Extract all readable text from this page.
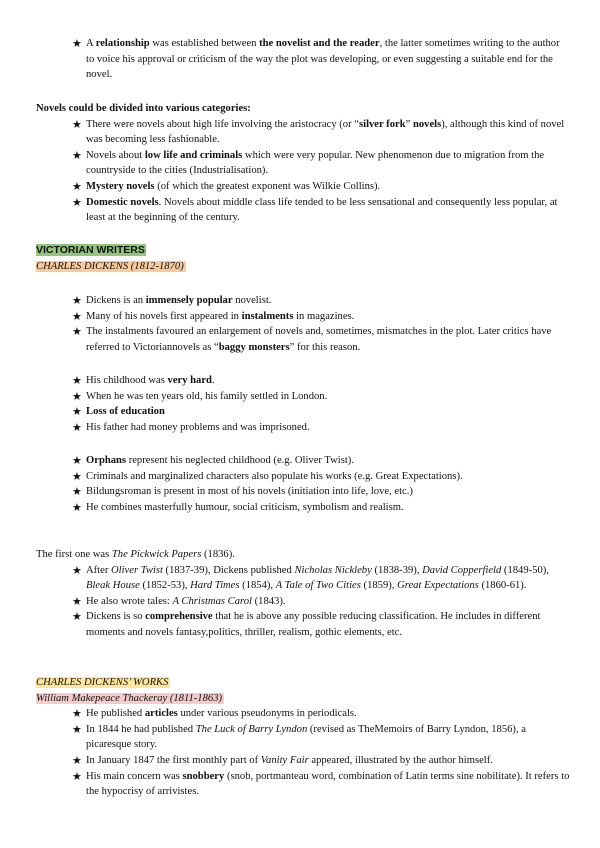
★ A relationship was established between the novelist and the reader, the latter sometimes writing to the author to voice his approval or criticism of the way the plot was developing, or even suggesting a suitable end for the novel.

Novels could be divided into various categories:

★ There were novels about high life involving the aristocracy (or “silver fork” novels), although this kind of novel was becoming less fashionable.
★ Novels about low life and criminals which were very popular. New phenomenon due to migration from the countryside to the cities (Industrialisation).
★ Mystery novels (of which the greatest exponent was Wilkie Collins).
★ Domestic novels. Novels about middle class life tended to be less sensational and consequently less popular, at least at the beginning of the century.

VICTORIAN WRITERS

CHARLES DICKENS (1812-1870)

★ Dickens is an immensely popular novelist.
★ Many of his novels first appeared in instalments in magazines.
★ The instalments favoured an enlargement of novels and, sometimes, mismatches in the plot. Later critics have referred to Victoriannovels as “baggy monsters” for this reason.
★ His childhood was very hard.
★ When he was ten years old, his family settled in London.
★ Loss of education
★ His father had money problems and was imprisoned.
★ Orphans represent his neglected childhood (e.g. Oliver Twist).
★ Criminals and marginalized characters also populate his works (e.g. Great Expectations).
★ Bildungsroman is present in most of his novels (initiation into life, love, etc.)
★ He combines masterfully humour, social criticism, symbolism and realism.

The first one was The Pickwick Papers (1836).

★ After Oliver Twist (1837-39), Dickens published Nicholas Nickleby (1838-39), David Copperfield (1849-50), Bleak House (1852-53), Hard Times (1854), A Tale of Two Cities (1859), Great Expectations (1860-61).
★ He also wrote tales: A Christmas Carol (1843).
★ Dickens is so comprehensive that he is above any possible reducing classification. He includes in different moments and novels fantasy,politics, thriller, realism, gothic elements, etc.

CHARLES DICKENS’ WORKS

William Makepeace Thackeray (1811-1863)

★ He published articles under various pseudonyms in periodicals.
★ In 1844 he had published The Luck of Barry Lyndon (revised as TheMemoirs of Barry Lyndon, 1856), a picaresque story.
★ In January 1847 the first monthly part of Vanity Fair appeared, illustrated by the author himself.
★ His main concern was snobbery (snob, portmanteau word, combination of Latin terms sine nobilitate). It refers to the hypocrisy of arrivistes.
